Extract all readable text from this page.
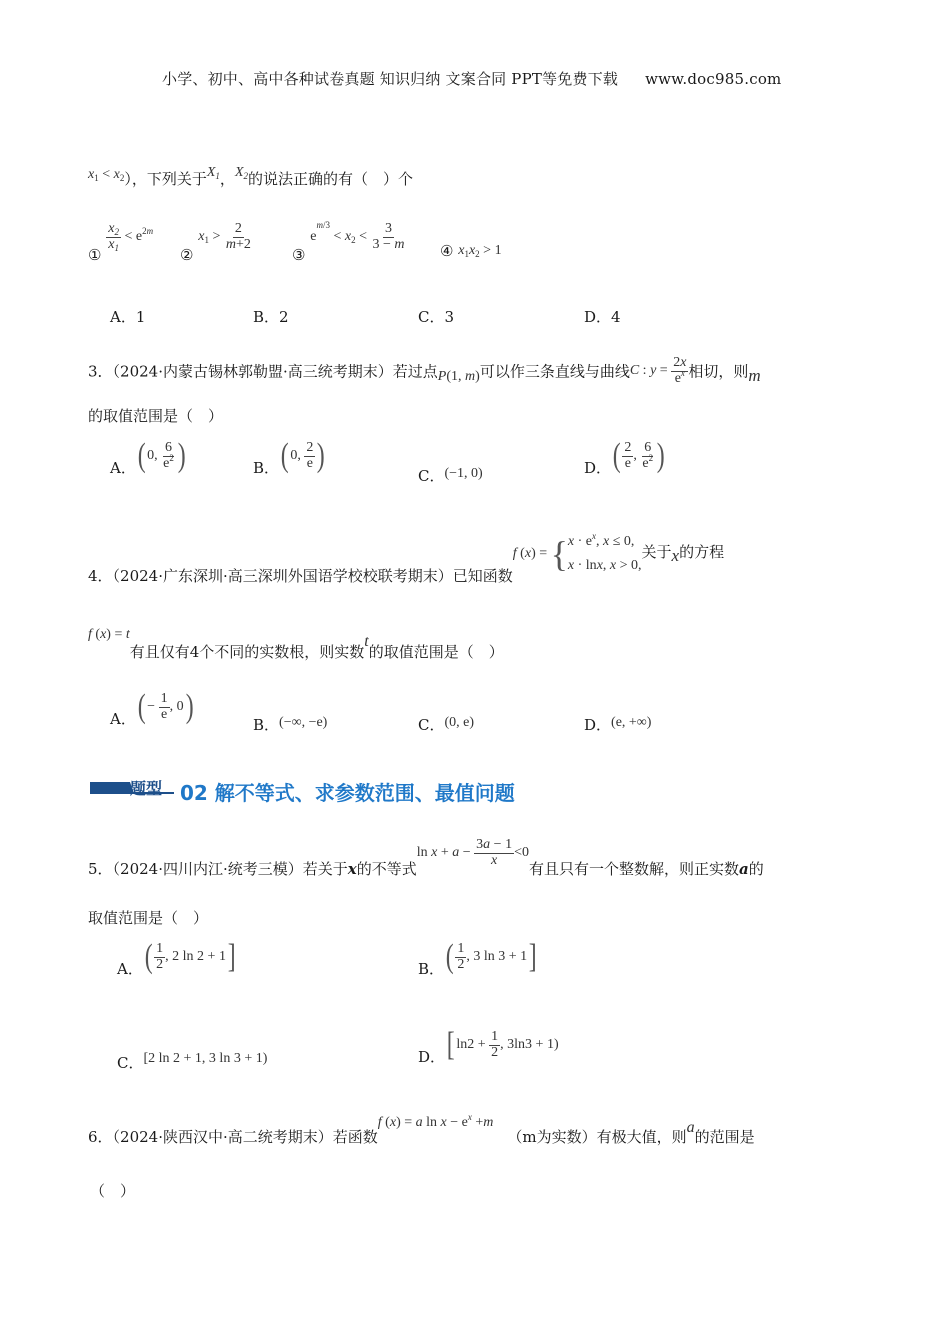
小学、初中、高中各种试卷真题 知识归纳 文案合同 PPT等免费下载 www.doc985.com
$x_1 < x_2$），下列关于$X_1$，$X_2$的说法正确的有（　）个
①
$\frac{x_2}{x_1} < e^{2m}$
② $x_1 > \frac{2}{m+2}$
③ $e^{m/3} < x_2 < \frac{3}{3 - m}$ ④ $x_1x_2 > 1$
A．1	B．2	C．3	D．4
3．（2024·内蒙古锡林郭勒盟·高三统考期末）若过点P(1, m)可以作三条直线与曲线C : $y = \frac{2x}{e^x}$ 相切，则m
的取值范围是（　）
A．( 0, $\frac{6}{e^2}$ )	B．( 0, $\frac{2}{e}$ )
C．(−1, 0)	D．( $\frac{2}{e}$ , $\frac{6}{e^2}$ )
4．（2024·广东深圳·高三深圳外国语学校校联考期末）已知函数
f ( x ) = { $x \cdot e^x$, x ≤ 0,
x · lnx, x > 0,
关于x的方程
f (x) = t有且仅有4个不同的实数根，则实数t的取值范围是（　）
A．( − $\frac{1}{e}$ , 0)	B．(−∞, −e)	C．(0, e)	D．(e, +∞)
题型 02 解不等式、求参数范围、最值问题
5．（2024·四川内江·统考三模）若关于x的不等式$\ln x + a - \frac{3a - 1}{x} <0$有且只有一个整数解，则正实数a的
取值范围是（　）
A．( $\frac{1}{2}$ , 2 ln 2 + 1]	B．( $\frac{1}{2}$ , 3 ln 3 + 1]
C．[2 ln 2 + 1, 3 ln 3 + 1)	D．[ $\ln 2 + \frac{1}{2}$ , 3ln3 + 1)
6．（2024·陕西汉中·高二统考期末）若函数f (x) = a $\ln x - e^x +m(m$为实数）有极大值，则a的范围是
（　）
